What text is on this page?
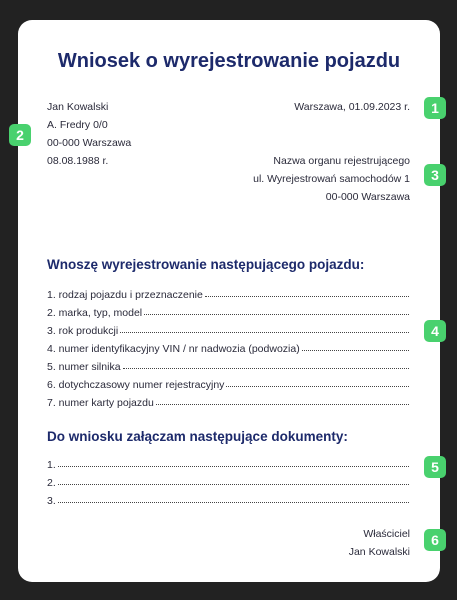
Wniosek o wyrejestrowanie pojazdu
Jan Kowalski
A. Fredry 0/0
00-000 Warszawa
08.08.1988 r.
Warszawa, 01.09.2023 r.
Nazwa organu rejestrującego
ul. Wyrejestrowań samochodów 1
00-000 Warszawa
Wnoszę wyrejestrowanie następującego pojazdu:
1. rodzaj pojazdu i przeznaczenie
2. marka, typ, model
3. rok produkcji
4. numer identyfikacyjny VIN / nr nadwozia (podwozia)
5. numer silnika
6. dotychczasowy numer rejestracyjny
7. numer karty pojazdu
Do wniosku załączam następujące dokumenty:
1.
2.
3.
Właściciel
Jan Kowalski
1
2
3
4
5
6
